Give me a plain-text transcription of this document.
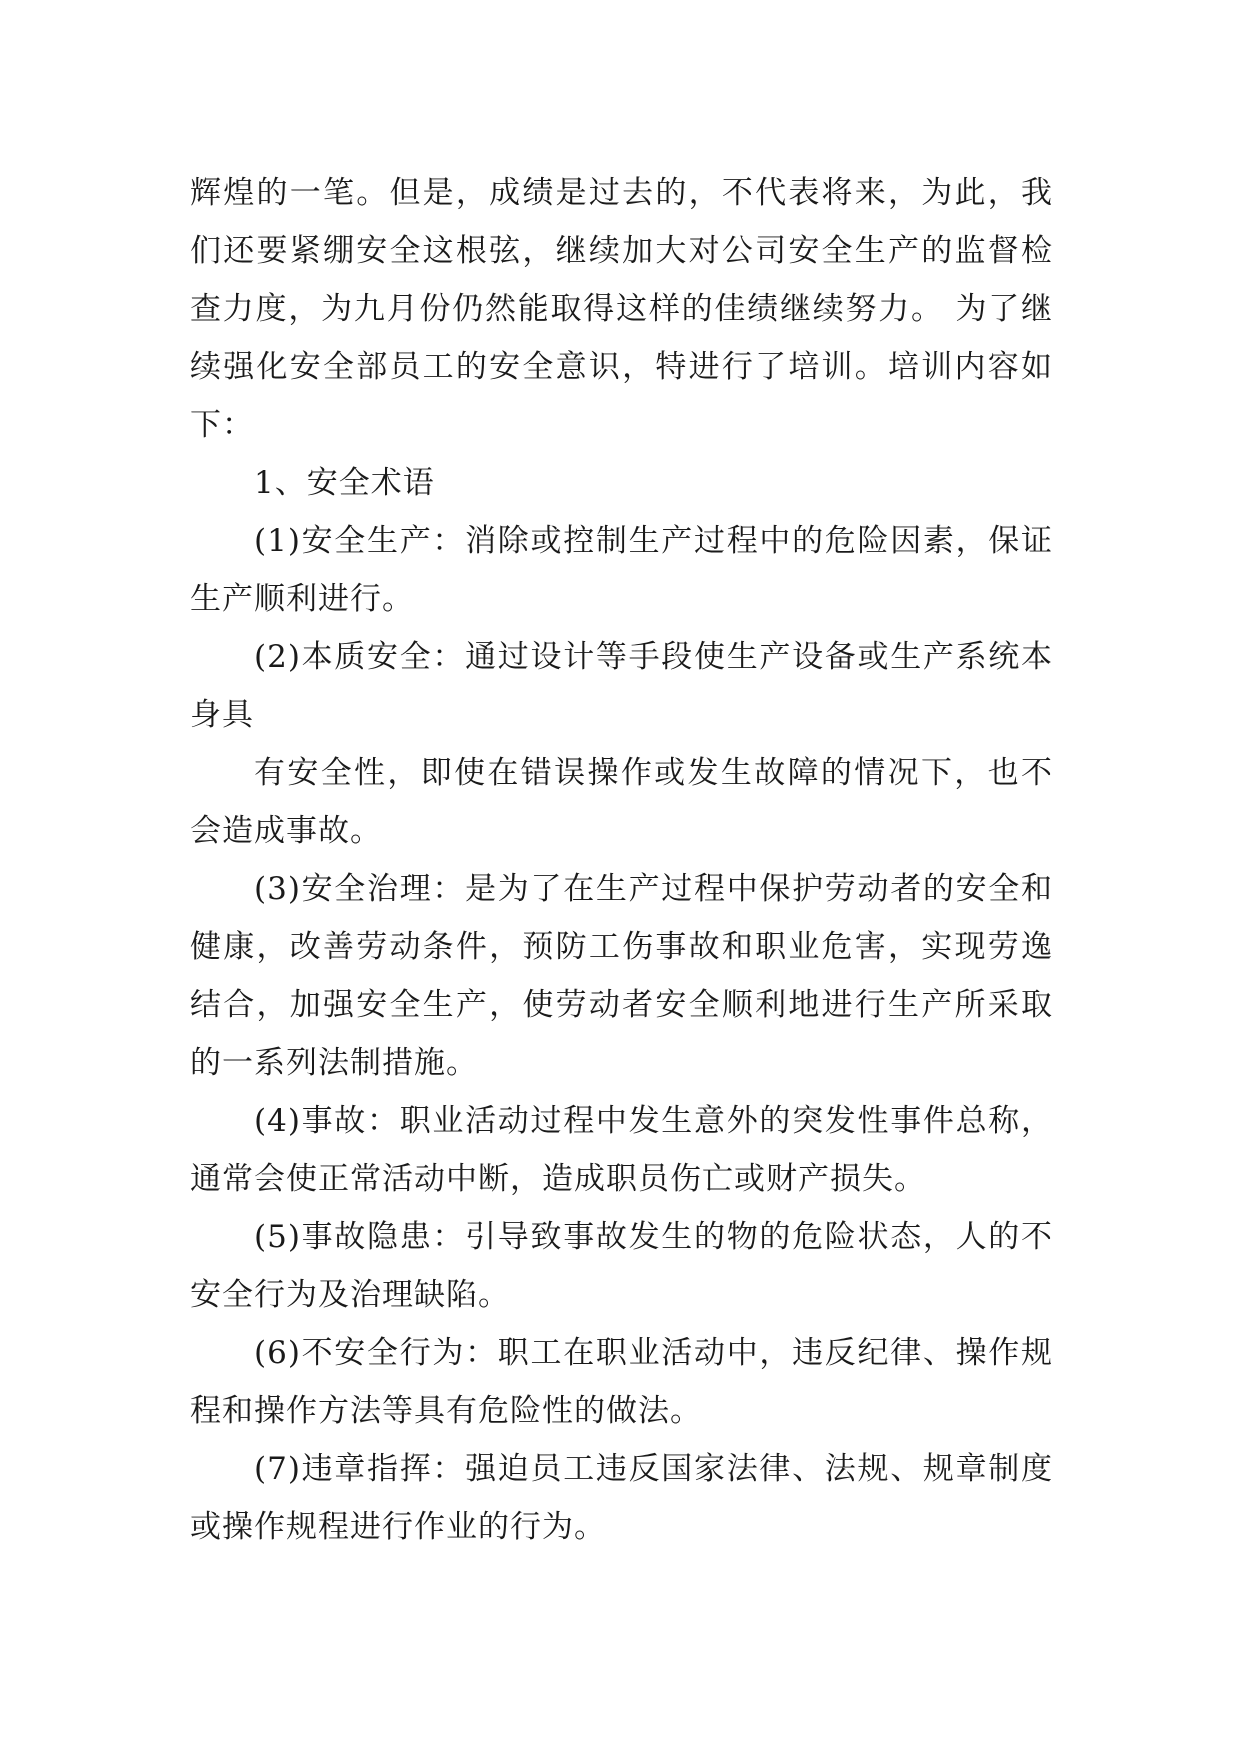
辉煌的一笔。但是，成绩是过去的，不代表将来，为此，我们还要紧绷安全这根弦，继续加大对公司安全生产的监督检查力度，为九月份仍然能取得这样的佳绩继续努力。 为了继续强化安全部员工的安全意识，特进行了培训。培训内容如下：

1、安全术语

(1)安全生产：消除或控制生产过程中的危险因素，保证生产顺利进行。

(2)本质安全：通过设计等手段使生产设备或生产系统本身具

有安全性，即使在错误操作或发生故障的情况下，也不会造成事故。

(3)安全治理：是为了在生产过程中保护劳动者的安全和健康，改善劳动条件，预防工伤事故和职业危害，实现劳逸结合，加强安全生产，使劳动者安全顺利地进行生产所采取的一系列法制措施。

(4)事故：职业活动过程中发生意外的突发性事件总称，通常会使正常活动中断，造成职员伤亡或财产损失。

(5)事故隐患：引导致事故发生的物的危险状态，人的不安全行为及治理缺陷。

(6)不安全行为：职工在职业活动中，违反纪律、操作规程和操作方法等具有危险性的做法。

(7)违章指挥：强迫员工违反国家法律、法规、规章制度或操作规程进行作业的行为。
